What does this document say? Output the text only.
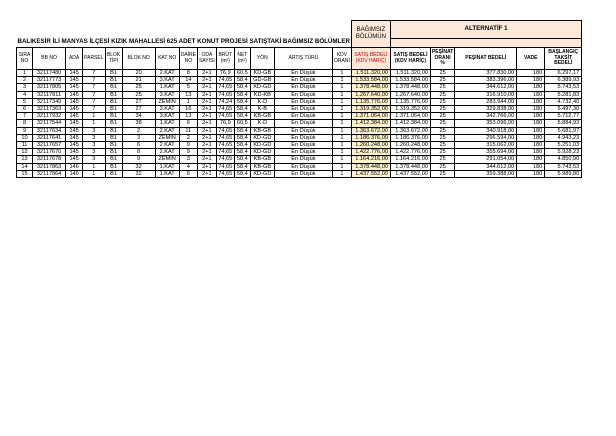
BALIKESİR İLİ MANYAS İLÇESİ KIZIK MAHALLESİ 625 ADET KONUT PROJESİ SATIŞTAKİ BAĞIMSIZ BÖLÜMLER														BAĞIMSIZ BÖLÜMÜN	ALTERNATİF 1				

SIRA NO	BB NO	ADA	PARSEL	BLOK TİPİ	BLOK NO	KAT NO	DAİRE NO	ODA SAYISI	BRÜT (m²)	NET (m²)	YÖN	ARTIŞ TÜRÜ	KDV ORANI	SATIŞ BEDELİ (KDV HARİÇ)	SATIŞ BEDELİ (KDV HARİÇ)	PEŞİNAT ORANI %	PEŞİNAT BEDELİ	VADE	BAŞLANGIÇ TAKSİT BEDELİ
1	32117480	145	7	B1	20	2.KAT	8	2+1	76,9	60,5	KD-GB	En Düşük	1	1.511.320,00	1.511.320,00	25	377.830,00	180	6.297,17
2	32117773	145	7	B1	21	3.KAT	14	2+1	74,65	58,4	GD-GB	En Düşük	1	1.533.584,00	1.533.584,00	25	383.396,00	180	6.389,93
3	32117805	145	7	B1	25	1.KAT	5	2+1	74,65	58,4	KD-GD	En Düşük	1	1.378.448,00	1.378.448,00	25	344.612,00	180	5.743,53
4	32117811	145	7	B1	25	3.KAT	13	2+1	74,65	58,4	KD-KB	En Düşük	1	1.267.640,00	1.267.640,00	25	316.910,00	180	5.281,83
5	32117349	145	7	B1	27	ZEMİN	1	2+1	74,24	58,4	K-D	En Düşük	1	1.135.776,00	1.135.776,00	25	283.944,00	180	4.732,40
6	32117363	145	7	B1	27	3.KAT	16	2+1	74,65	58,4	K-B	En Düşük	1	1.319.352,00	1.319.352,00	25	329.838,00	180	5.497,30
7	32117932	145	1	B1	34	3.KAT	13	2+1	74,65	58,4	KB-GB	En Düşük	1	1.371.064,00	1.371.064,00	25	342.766,00	180	5.712,77
8	32117544	145	1	B1	38	1.KAT	6	2+1	76,9	60,5	K-D	En Düşük	1	1.412.384,00	1.412.384,00	25	353.096,00	180	5.884,93
9	32117634	145	3	B1	2	2.KAT	11	2+1	74,65	58,4	KB-GB	En Düşük	1	1.363.672,00	1.363.672,00	25	340.918,00	180	5.681,97
10	32117641	145	3	B1	3	ZEMİN	2	2+1	74,65	58,4	KD-GD	En Düşük	1	1.186.376,00	1.186.376,00	25	296.594,00	180	4.943,23
11	32117657	145	3	B1	6	2.KAT	9	2+1	74,65	58,4	KD-GD	En Düşük	1	1.260.248,00	1.260.248,00	25	315.062,00	180	5.251,03
12	32117670	145	3	B1	8	2.KAT	9	2+1	74,65	58,4	KD-GD	En Düşük	1	1.422.776,00	1.422.776,00	25	355.694,00	180	5.928,23
13	32117678	145	3	B1	9	ZEMİN	3	2+1	74,65	58,4	KB-GB	En Düşük	1	1.164.216,00	1.164.216,00	25	291.054,00	180	4.850,90
14	32117863	146	1	B1	32	1.KAT	4	2+1	74,65	58,4	KB-GB	En Düşük	1	1.378.448,00	1.378.448,00	25	344.612,00	180	5.743,53
15	32117864	146	1	B1	32	1.KAT	6	2+1	74,65	58,4	KD-GD	En Düşük	1	1.437.552,00	1.437.552,00	25	359.388,00	180	5.989,80
